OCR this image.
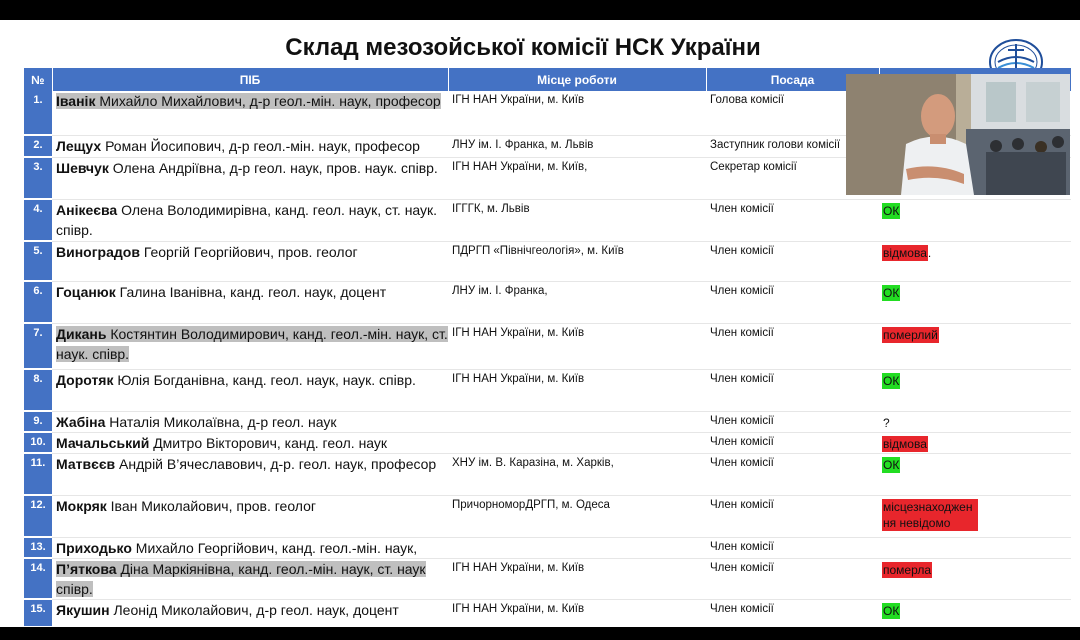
Склад мезозойської комісії НСК України
№	ПІБ	Місце роботи	Посада	
1.	Іванік Михайло Михайлович, д-р геол.-мін. наук, професор	ІГН НАН України, м. Київ	Голова комісії	
2.	Лещух Роман Йосипович, д-р геол.-мін. наук, професор	ЛНУ ім. І. Франка, м. Львів	Заступник голови комісії	
3.	Шевчук Олена Андріївна, д-р геол. наук, пров. наук. співр.	ІГН НАН України, м. Київ,	Секретар комісії	
4.	Анікеєва Олена Володимирівна, канд. геол. наук, ст. наук. співр.	ІГГГК, м. Львів	Член комісії	ОК
5.	Виноградов Георгій Георгійович, пров. геолог	ПДРГП «Північгеологія», м. Київ	Член комісії	відмова.
6.	Гоцанюк Галина Іванівна, канд. геол. наук, доцент	ЛНУ ім. І. Франка,	Член комісії	ОК
7.	Дикань Костянтин Володимирович, канд. геол.-мін. наук, ст. наук. співр.	ІГН НАН України, м. Київ	Член комісії	померлий
8.	Доротяк Юлія Богданівна, канд. геол. наук, наук. співр.	ІГН НАН України, м. Київ	Член комісії	ОК
9.	Жабіна Наталія Миколаївна, д-р геол. наук		Член комісії	?
10.	Мачальський Дмитро Вікторович, канд. геол. наук		Член комісії	відмова
11.	Матвєєв Андрій В’ячеславович, д-р. геол. наук, професор	ХНУ ім. В. Каразіна, м. Харків,	Член комісії	ОК
12.	Мокряк Іван Миколайович, пров. геолог	ПричорноморДРГП, м. Одеса	Член комісії	місцезнаходження невідомо
13.	Приходько Михайло Георгійович, канд. геол.-мін. наук,		Член комісії	
14.	П’яткова Діна Маркіянівна, канд. геол.-мін. наук, ст. наук співр.	ІГН НАН України, м. Київ	Член комісії	померла
15.	Якушин Леонід Миколайович, д-р геол. наук, доцент	ІГН НАН України, м. Київ	Член комісії	ОК
